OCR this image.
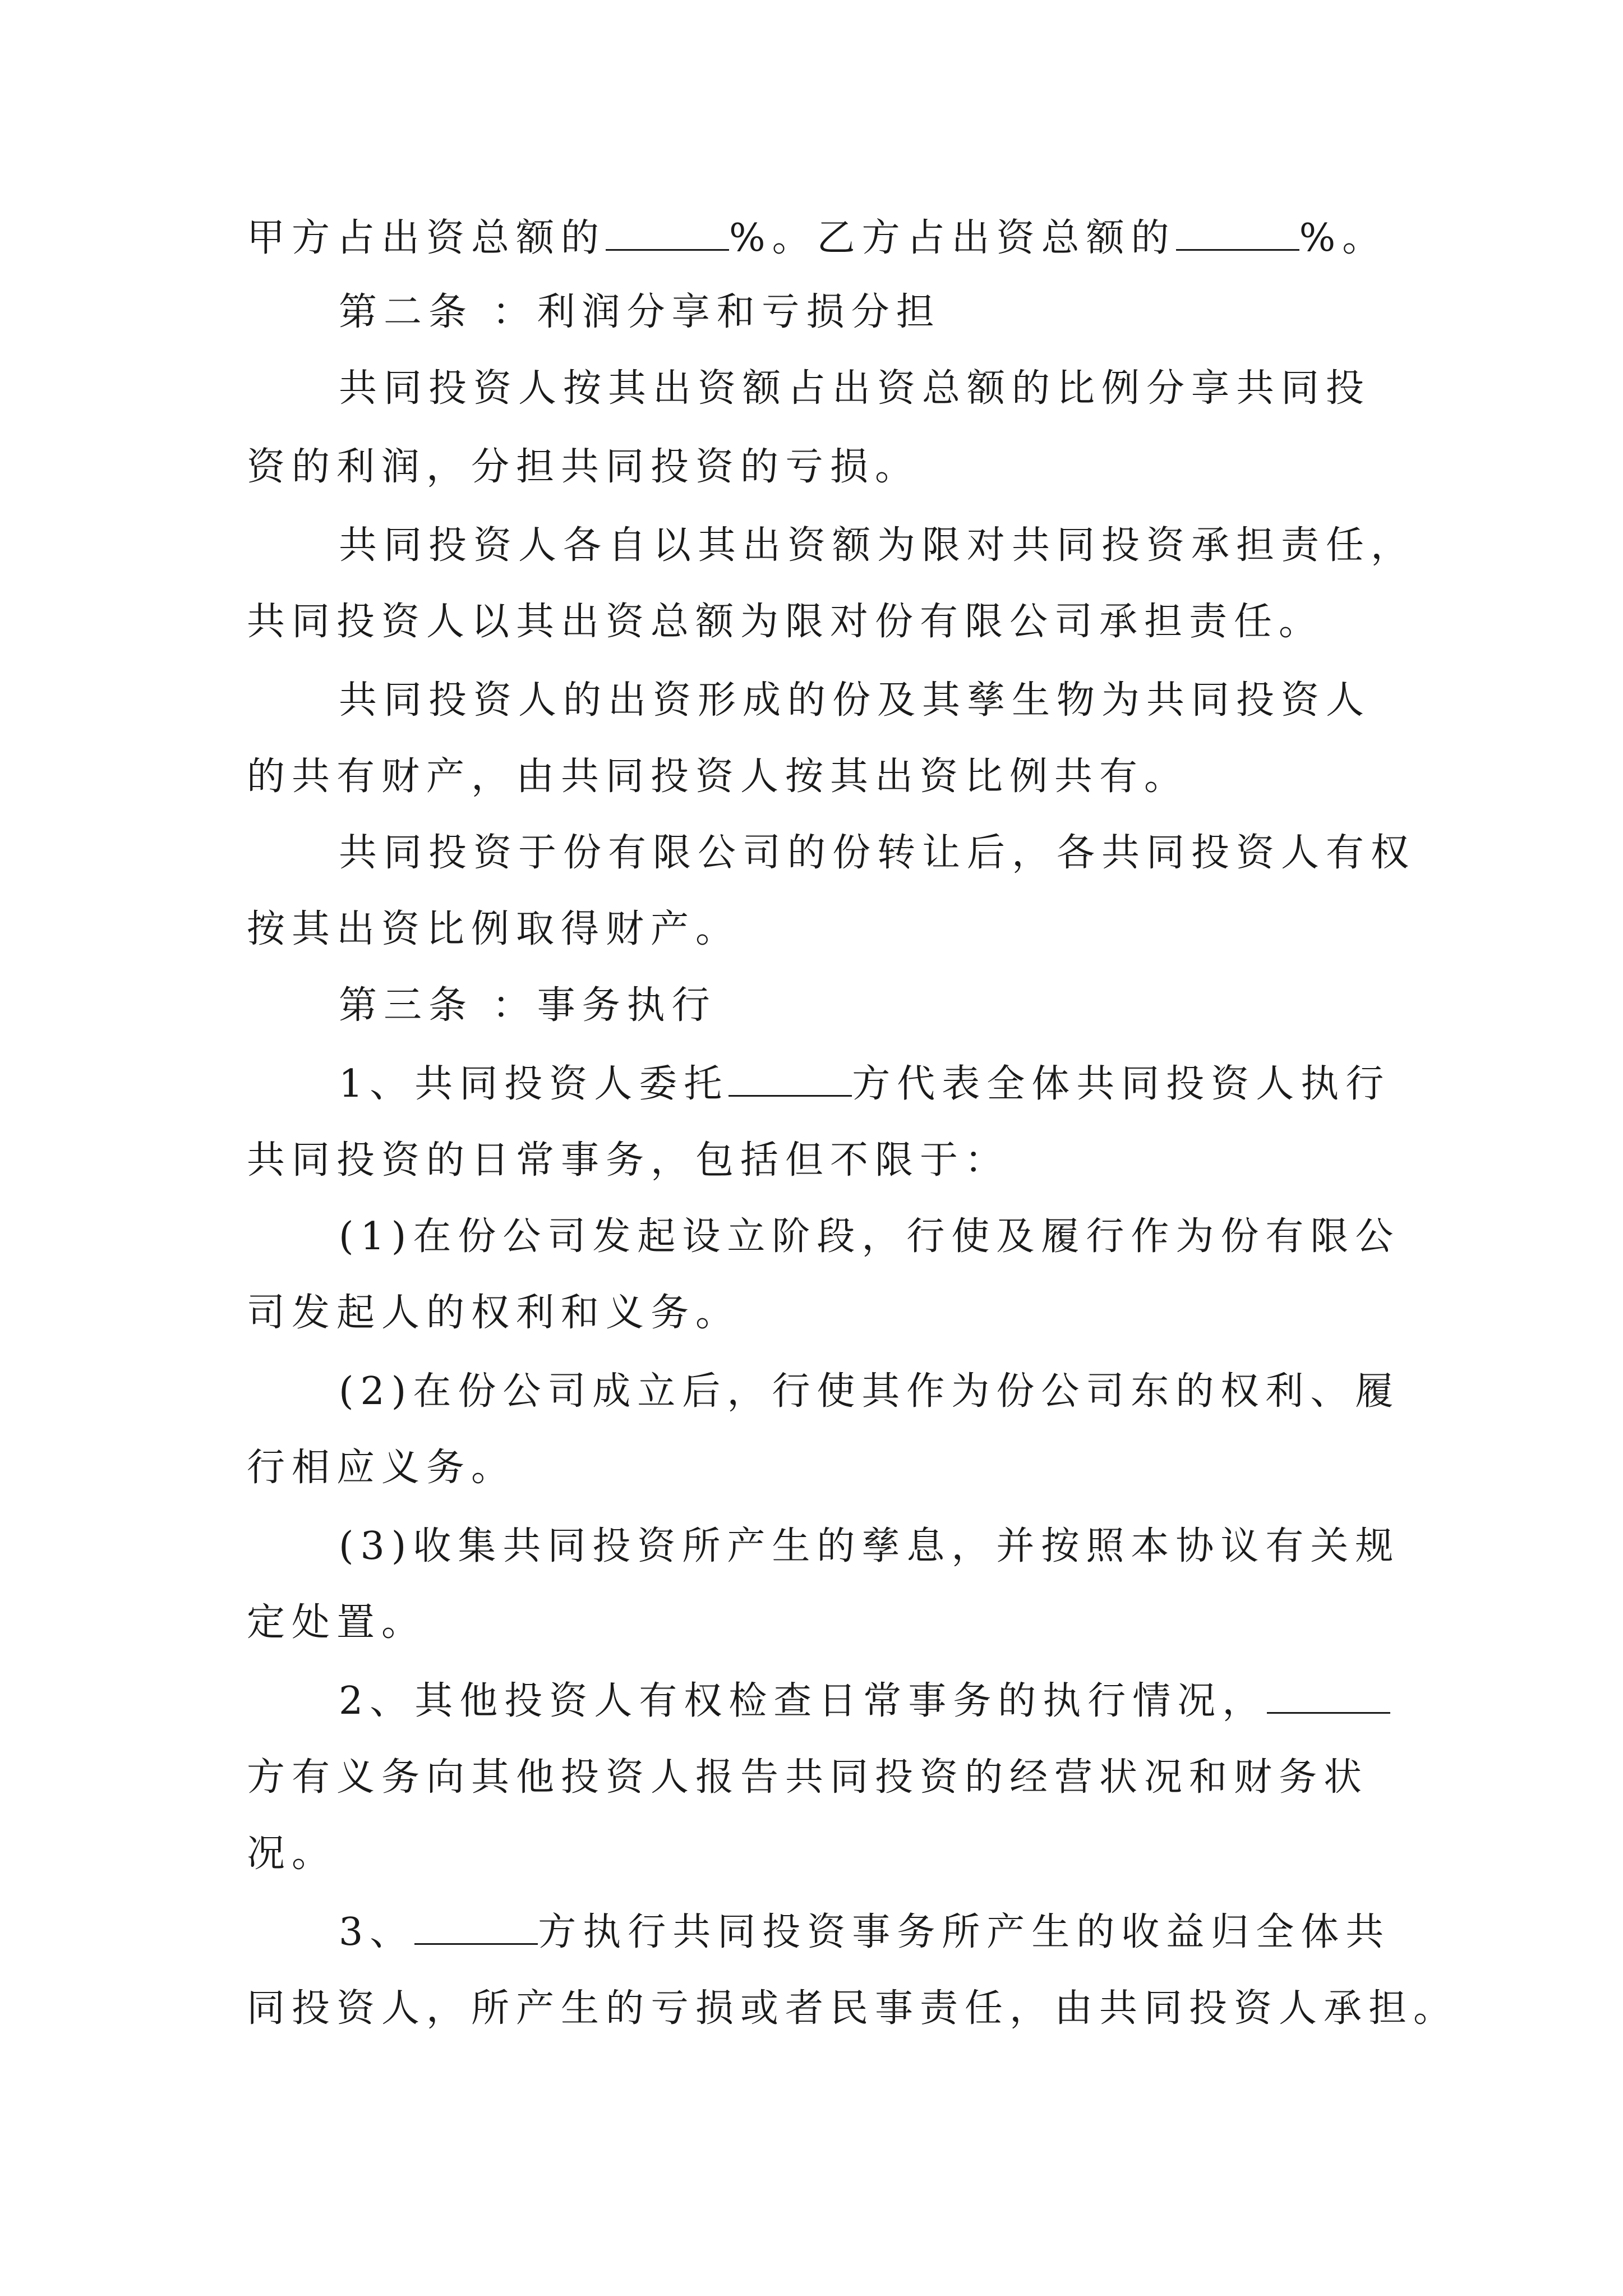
甲方占出资总额的	%。乙方占出资总额的	%。
第二条 ：利润分享和亏损分担
共同投资人按其出资额占出资总额的比例分享共同投
资的利润，分担共同投资的亏损。
共同投资人各自以其出资额为限对共同投资承担责任，
共同投资人以其出资总额为限对份有限公司承担责任。
共同投资人的出资形成的份及其孳生物为共同投资人
的共有财产，由共同投资人按其出资比例共有。
共同投资于份有限公司的份转让后，各共同投资人有权
按其出资比例取得财产。
第三条 ：事务执行
1、共同投资人委托	方代表全体共同投资人执行
共同投资的日常事务，包括但不限于：
(1)在份公司发起设立阶段，行使及履行作为份有限公
司发起人的权利和义务。
(2)在份公司成立后，行使其作为份公司东的权利、履
行相应义务。
(3)收集共同投资所产生的孳息，并按照本协议有关规
定处置。
2、其他投资人有权检查日常事务的执行情况，
方有义务向其他投资人报告共同投资的经营状况和财务状
况。
3、	方执行共同投资事务所产生的收益归全体共
同投资人，所产生的亏损或者民事责任，由共同投资人承担。
